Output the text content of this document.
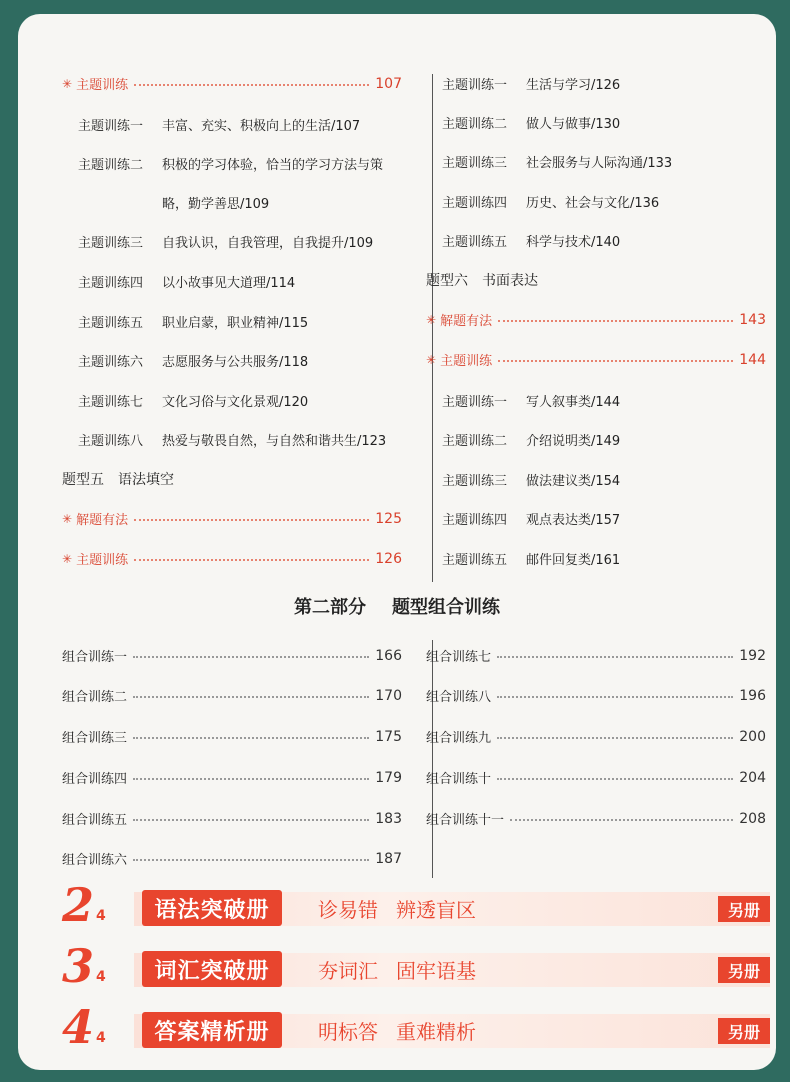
✳ 主题训练	107
主题训练一	丰富、充实、积极向上的生活/107
主题训练二	积极的学习体验，恰当的学习方法与策
略，勤学善思/109
主题训练三	自我认识，自我管理，自我提升/109
主题训练四	以小故事见大道理/114
主题训练五	职业启蒙，职业精神/115
主题训练六	志愿服务与公共服务/118
主题训练七	文化习俗与文化景观/120
主题训练八	热爱与敬畏自然，与自然和谐共生/123
题型五 语法填空
✳ 解题有法	125
✳ 主题训练	126
主题训练一	生活与学习/126
主题训练二	做人与做事/130
主题训练三	社会服务与人际沟通/133
主题训练四	历史、社会与文化/136
主题训练五	科学与技术/140
题型六 书面表达
✳ 解题有法	143
✳ 主题训练	144
主题训练一	写人叙事类/144
主题训练二	介绍说明类/149
主题训练三	做法建议类/154
主题训练四	观点表达类/157
主题训练五	邮件回复类/161
第二部分 题型组合训练
组合训练一	166
组合训练二	170
组合训练三	175
组合训练四	179
组合训练五	183
组合训练六	187
组合训练七	192
组合训练八	196
组合训练九	200
组合训练十	204
组合训练十一	208
2 4	语法突破册	诊易错 辨透盲区	另册
3 4	词汇突破册	夯词汇 固牢语基	另册
4 4	答案精析册	明标答 重难精析	另册
